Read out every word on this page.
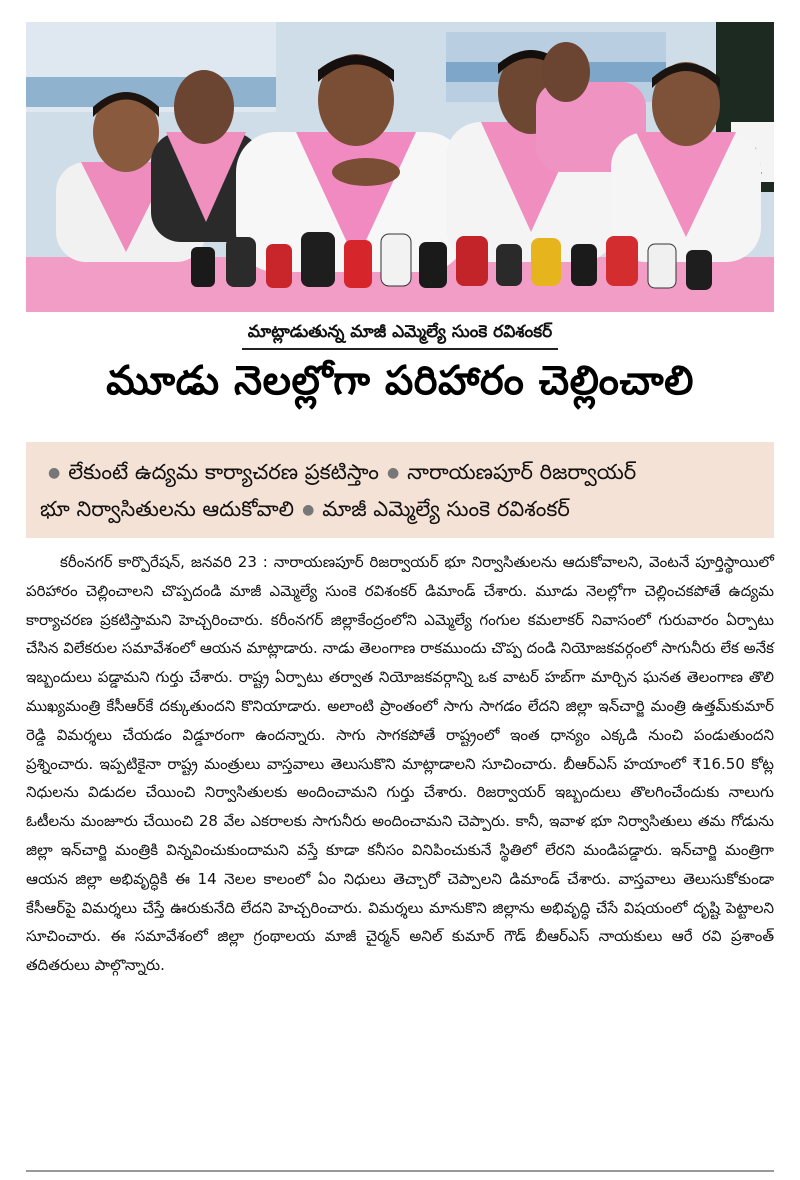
మాట్లాడుతున్న మాజీ ఎమ్మెల్యే సుంకె రవిశంకర్
మూడు నెలల్లోగా పరిహారం చెల్లించాలి
● లేకుంటే ఉద్యమ కార్యాచరణ ప్రకటిస్తాం ● నారాయణపూర్ రిజర్వాయర్
భూ నిర్వాసితులను ఆదుకోవాలి ● మాజీ ఎమ్మెల్యే సుంకె రవిశంకర్

కరీంనగర్ కార్పొరేషన్, జనవరి 23 : నారాయణపూర్ రిజర్వాయర్ భూ నిర్వాసితులను ఆదుకోవాలని, వెంటనే పూర్తిస్థాయిలో పరిహారం చెల్లించాలని చొప్పదండి మాజీ ఎమ్మెల్యే సుంకె రవిశంకర్ డిమాండ్ చేశారు. మూడు నెలల్లోగా చెల్లించకపోతే ఉద్యమ కార్యాచరణ ప్రకటిస్తామని హెచ్చరించారు. కరీంనగర్ జిల్లాకేంద్రంలోని ఎమ్మెల్యే గంగుల కమలాకర్ నివాసంలో గురువారం ఏర్పాటు చేసిన విలేకరుల సమావేశంలో ఆయన మాట్లాడారు. నాడు తెలంగాణ రాకముందు చొప్ప దండి నియోజకవర్గంలో సాగునీరు లేక అనేక ఇబ్బందులు పడ్డామని గుర్తు చేశారు. రాష్ట్ర ఏర్పాటు తర్వాత నియోజకవర్గాన్ని ఒక వాటర్ హబ్‌గా మార్చిన ఘనత తెలంగాణ తొలి ముఖ్యమంత్రి కేసీఆర్‌కే దక్కుతుందని కొనియాడారు. అలాంటి ప్రాంతంలో సాగు సాగడం లేదని జిల్లా ఇన్‌చార్జి మంత్రి ఉత్తమ్‌కుమార్ రెడ్డి విమర్శలు చేయడం విడ్డూరంగా ఉందన్నారు. సాగు సాగకపోతే రాష్ట్రంలో ఇంత ధాన్యం ఎక్కడి నుంచి పండుతుందని ప్రశ్నించారు. ఇప్పటికైనా రాష్ట్ర మంత్రులు వాస్తవాలు తెలుసుకొని మాట్లాడాలని సూచించారు. బీఆర్ఎస్ హయాంలో ₹16.50 కోట్ల నిధులను విడుదల చేయించి నిర్వాసితులకు అందించామని గుర్తు చేశారు. రిజర్వాయర్ ఇబ్బందులు తొలగించేందుకు నాలుగు ఓటీలను మంజూరు చేయించి 28 వేల ఎకరాలకు సాగునీరు అందించామని చెప్పారు. కానీ, ఇవాళ భూ నిర్వాసితులు తమ గోడును జిల్లా ఇన్‌చార్జి మంత్రికి విన్నవించుకుందామని వస్తే కూడా కనీసం వినిపించుకునే స్థితిలో లేరని మండిపడ్డారు. ఇన్‌చార్జి మంత్రిగా ఆయన జిల్లా అభివృద్ధికి ఈ 14 నెలల కాలంలో ఏం నిధులు తెచ్చారో చెప్పాలని డిమాండ్ చేశారు. వాస్తవాలు తెలుసుకోకుండా కేసీఆర్‌పై విమర్శలు చేస్తే ఊరుకునేది లేదని హెచ్చరించారు. విమర్శలు మానుకొని జిల్లాను అభివృద్ధి చేసే విషయంలో దృష్టి పెట్టాలని సూచించారు. ఈ సమావేశంలో జిల్లా గ్రంథాలయ మాజీ చైర్మన్ అనిల్ కుమార్ గౌడ్ బీఆర్ఎస్ నాయకులు ఆరే రవి ప్రశాంత్ తదితరులు పాల్గొన్నారు.
